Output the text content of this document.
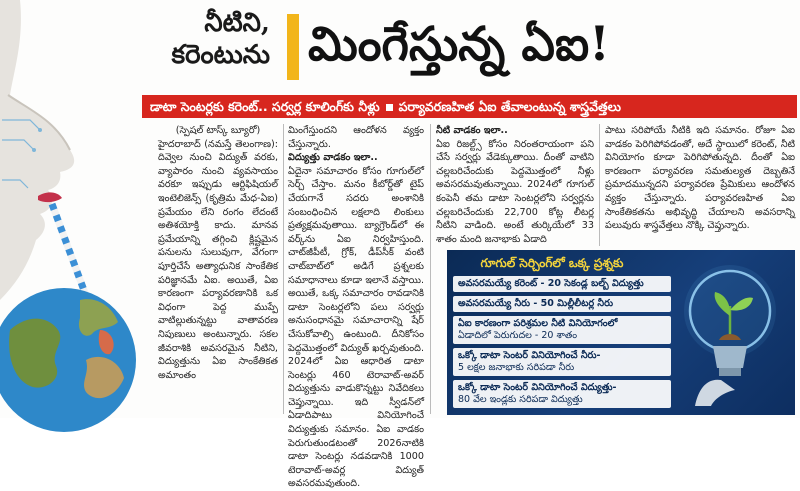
నీటిని,
కరెంటును మింగేస్తున్న ఏఐ!
డాటా సెంటర్లకు కరెంట్.. సర్వర్ల కూలింగ్‌కు నీళ్లు పర్యావరణహిత ఏఐ తేవాలంటున్న శాస్త్రవేత్తలు
(స్పెషల్ టాస్క్ బ్యూరో)

హైదరాబాద్ (నమస్తే తెలంగాణ): దివ్వెల నుంచి విద్యుత్ వరకు, వ్యాపారం నుంచి వ్యవసాయం వరకూ ఇప్పుడు ఆర్టిఫిషియల్ ఇంటెలిజెన్స్ (కృత్రిమ మేధ-ఏఐ) ప్రమేయం లేని రంగం లేదంటే అతిశయోక్తి కాదు. మానవ ప్రమేయాన్ని తగ్గించి క్లిష్టమైన పనులను సులువుగా, వేగంగా పూర్తిచేసే అత్యాధునిక సాంకేతిక పరిజ్ఞానమే ఏఐ. అయితే, ఏఐ కారణంగా పర్యావరణానికి ఒక విధంగా పెద్ద ముప్పే వాటిల్లుతున్నట్టు వాతావరణ నిపుణులు అంటున్నారు. సకల జీవరాశికి అవసరమైన నీటిని, విద్యుత్తును ఏఐ సాంకేతికత అమాంతం

మింగేస్తుందని ఆందోళన వ్యక్తం చేస్తున్నారు.

విద్యుత్తు వాడకం ఇలా..

ఏదైనా సమాచారం కోసం గూగుల్‌లో సెర్చ్ చేస్తాం. మనం కీబోర్డ్‌తో టైప్ చేయగానే సదరు అంశానికి సంబంధించిన లక్షలాది లింకులు ప్రత్యక్షమవుతాయి. బ్యాగ్రౌండ్‌లో ఈ వర్క్‌ను ఏఐ నిర్వహిస్తుంది. చాట్‌జీపీటీ, గ్రోక్, డీప్‌సీక్ వంటి చాట్‌బాట్‌లో అడిగే ప్రశ్నలకు సమాధానాలు కూడా ఇలానే వస్తాయి. అయితే, ఒక్క సమాచారం రావడానికి డాటా సెంటర్లలోని పలు సర్వర్లు అనుసంధానమై సమాచారాన్ని షేర్ చేసుకోవాల్సి ఉంటుంది. దీనికోసం పెద్దమొత్తంలో విద్యుత్ ఖర్చవుతుంది. 2024లో ఏఐ ఆధారిత డాటా సెంటర్లు 460 టెరావాట్-అవర్ విద్యుత్తును వాడుకొన్నట్టు నివేదికలు చెప్తున్నాయి. ఇది స్వీడన్‌లో ఏడాదిపాటు వినియోగించే విద్యుత్తుకు సమానం. ఏఐ వాడకం పెరుగుతుండటంతో 2026నాటికి డాటా సెంటర్లు నడవడానికి 1000 టెరావాట్-అవర్ల విద్యుత్ అవసరమవుతుంది.

నీటి వాడకం ఇలా..

ఏఐ రిజల్ట్స్ కోసం నిరంతరాయంగా పని చేసే సర్వర్లు వేడెక్కుతాయి. దీంతో వాటిని చల్లబరిచేందుకు పెద్దమొత్తంలో నీళ్లు అవసరమవుతున్నాయి. 2024లో గూగుల్ కంపెనీ తమ డాటా సెంటర్లలోని సర్వర్లను చల్లబరిచేందుకు 22,700 కోట్ల లీటర్ల నీటిని వాడింది. అంటే తుర్కియేలో 33 శాతం మంది జనాభాకు ఏడాది

పాటు సరిపోయే నీటికి ఇది సమానం. రోజూ ఏఐ వాడకం పెరిగిపోవడంతో, అదే స్థాయిలో కరెంట్, నీటి వినియోగం కూడా పెరిగిపోతున్నది. దీంతో ఏఐ కారణంగా పర్యావరణ సమతుల్యత దెబ్బతినే ప్రమాదమున్నదని పర్యావరణ ప్రేమికులు ఆందోళన వ్యక్తం చేస్తున్నారు. పర్యావరణహిత ఏఐ సాంకేతికతను అభివృద్ధి చేయాలని అవసరాన్ని పలువురు శాస్త్రవేత్తలు నొక్కి చెప్తున్నారు.

గూగుల్ సెర్చింగ్‌లో ఒక్క ప్రశ్నకు
అవసరమయ్యే కరెంట్ - 20 సెకండ్ల బల్బ్ విద్యుత్తు
అవసరమయ్యే నీరు - 50 మిల్లీలీటర్ల నీరు
ఏఐ కారణంగా పరిశ్రమల నీటి వినియోగంలో
ఏడాదిలో పెరుగుదల - 20 శాతం
ఒక్కో డాటా సెంటర్ వినియోగించే నీరు-
5 లక్షల జనాభాకు సరిపడా నీరు
ఒక్కో డాటా సెంటర్ వినియోగించే విద్యుత్తు-
80 వేల ఇండ్లకు సరిపడా విద్యుత్తు
